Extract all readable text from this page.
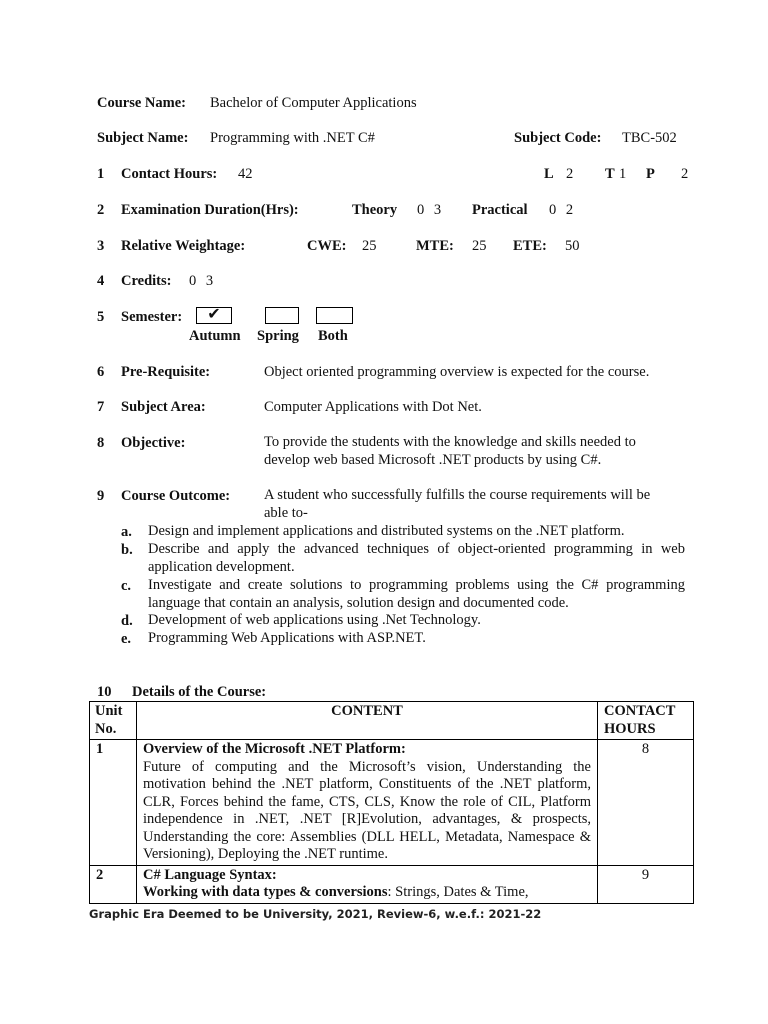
Course Name: Bachelor of Computer Applications
Subject Name: Programming with .NET C#	Subject Code: TBC-502
1 Contact Hours: 42	L 2 T 1 P 2
2 Examination Duration(Hrs):	Theory 0 3 Practical 0 2
3 Relative Weightage:	CWE: 25	MTE: 25 ETE: 50
4 Credits: 0 3
5 Semester:	✔
Autumn Spring Both
6 Pre-Requisite:	Object oriented programming overview is expected for the course.
7 Subject Area:	Computer Applications with Dot Net.
8 Objective:	To provide the students with the knowledge and skills needed to develop web based Microsoft .NET products by using C#.
9 Course Outcome: A student who successfully fulfills the course requirements will be able to-
a. Design and implement applications and distributed systems on the .NET platform.
b. Describe and apply the advanced techniques of object-oriented programming in web application development.
c. Investigate and create solutions to programming problems using the C# programming language that contain an analysis, solution design and documented code.
d. Development of web applications using .Net Technology.
e. Programming Web Applications with ASP.NET.
10 Details of the Course:
Unit No.	CONTENT	CONTACT HOURS
1	Overview of the Microsoft .NET Platform:
Future of computing and the Microsoft’s vision, Understanding the motivation behind the .NET platform, Constituents of the .NET platform, CLR, Forces behind the fame, CTS, CLS, Know the role of CIL, Platform independence in .NET, .NET [R]Evolution, advantages, & prospects, Understanding the core: Assemblies (DLL HELL, Metadata, Namespace & Versioning), Deploying the .NET runtime.	8
2	C# Language Syntax:
Working with data types & conversions: Strings, Dates & Time,	9
Graphic Era Deemed to be University, 2021, Review-6, w.e.f.: 2021-22
